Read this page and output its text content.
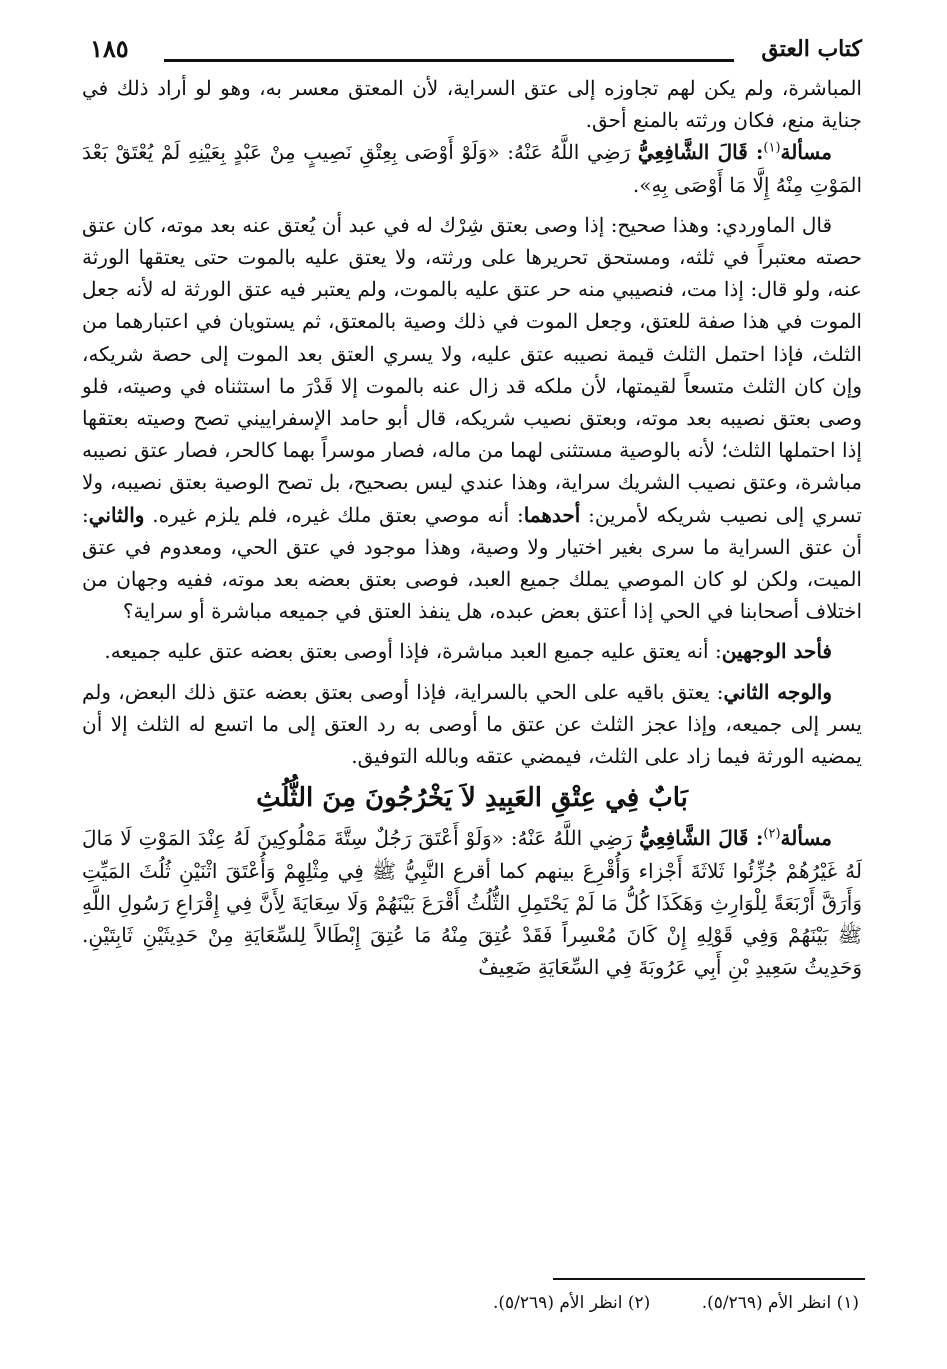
كتاب العتق
١٨٥

المباشرة، ولم يكن لهم تجاوزه إلى عتق السراية، لأن المعتق معسر به، وهو لو أراد ذلك في جناية منع، فكان ورثته بالمنع أحق.

مسألة$^{(١)}$: قَالَ الشَّافِعِيُّ رَضِي اللَّهُ عَنْهُ: «وَلَوْ أَوْصَى بِعِتْقِ نَصِيبٍ مِنْ عَبْدٍ بِعَيْنِهِ لَمْ يُعْتَقْ بَعْدَ المَوْتِ مِنْهُ إِلَّا مَا أَوْصَى بِهِ».

قال الماوردي: وهذا صحيح: إذا وصى بعتق شِرْك له في عبد أن يُعتق عنه بعد موته، كان عتق حصته معتبراً في ثلثه، ومستحق تحريرها على ورثته، ولا يعتق عليه بالموت حتى يعتقها الورثة عنه، ولو قال: إذا مت، فنصيبي منه حر عتق عليه بالموت، ولم يعتبر فيه عتق الورثة له لأنه جعل الموت في هذا صفة للعتق، وجعل الموت في ذلك وصية بالمعتق، ثم يستويان في اعتبارهما من الثلث، فإذا احتمل الثلث قيمة نصيبه عتق عليه، ولا يسري العتق بعد الموت إلى حصة شريكه، وإن كان الثلث متسعاً لقيمتها، لأن ملكه قد زال عنه بالموت إلا قَدْرَ ما استثناه في وصيته، فلو وصى بعتق نصيبه بعد موته، وبعتق نصيب شريكه، قال أبو حامد الإسفراييني تصح وصيته بعتقها إذا احتملها الثلث؛ لأنه بالوصية مستثنى لهما من ماله، فصار موسراً بهما كالحر، فصار عتق نصيبه مباشرة، وعتق نصيب الشريك سراية، وهذا عندي ليس بصحيح، بل تصح الوصية بعتق نصيبه، ولا تسري إلى نصيب شريكه لأمرين: أحدهما: أنه موصي بعتق ملك غيره، فلم يلزم غيره. والثاني: أن عتق السراية ما سرى بغير اختيار ولا وصية، وهذا موجود في عتق الحي، ومعدوم في عتق الميت، ولكن لو كان الموصي يملك جميع العبد، فوصى بعتق بعضه بعد موته، ففيه وجهان من اختلاف أصحابنا في الحي إذا أعتق بعض عبده، هل ينفذ العتق في جميعه مباشرة أو سراية؟

فأحد الوجهين: أنه يعتق عليه جميع العبد مباشرة، فإذا أوصى بعتق بعضه عتق عليه جميعه.

والوجه الثاني: يعتق باقيه على الحي بالسراية، فإذا أوصى بعتق بعضه عتق ذلك البعض، ولم يسر إلى جميعه، وإذا عجز الثلث عن عتق ما أوصى به رد العتق إلى ما اتسع له الثلث إلا أن يمضيه الورثة فيما زاد على الثلث، فيمضي عتقه وبالله التوفيق.

بَابٌ فِي عِتْقِ العَبِيدِ لاَ يَخْرُجُونَ مِنَ الثُّلُثِ

مسألة$^{(٢)}$: قَالَ الشَّافِعِيُّ رَضِي اللَّهُ عَنْهُ: «وَلَوْ أَعْتَقَ رَجُلٌ سِتَّةَ مَمْلُوكِينَ لَهُ عِنْدَ المَوْتِ لَا مَالَ لَهُ غَيْرُهُمْ جُزِّئُوا ثَلاثَةَ أَجْزاء وَأُقْرِعَ بينهم كما أقرع النَّبِيُّ ﷺ فِي مِثْلِهِمْ وَأُعْتَقَ اثْنَيْنِ ثُلُثَ المَيِّتِ وَأَرَقَّ أَرْبَعَةً لِلْوَارِثِ وَهَكَذَا كُلُّ مَا لَمْ يَحْتَمِلِ الثُّلُثُ أَقْرَعَ بَيْنَهُمْ وَلَا سِعَايَةَ لِأَنَّ فِي إِقْرَاعِ رَسُولِ اللَّهِ ﷺ بَيْنَهُمْ وَفِي قَوْلِهِ إِنْ كَانَ مُعْسِراً فَقَدْ عُتِقَ مِنْهُ مَا عُتِقَ إِبْطَالاً لِلسِّعَايَةِ مِنْ حَدِيثَيْنِ ثَابِتَيْنِ. وَحَدِيثُ سَعِيدِ بْنِ أَبِي عَرُوبَةَ فِي السِّعَايَةِ ضَعِيفٌ

(١) انظر الأم (٥/٢٦٩). (٢) انظر الأم (٥/٢٦٩).
